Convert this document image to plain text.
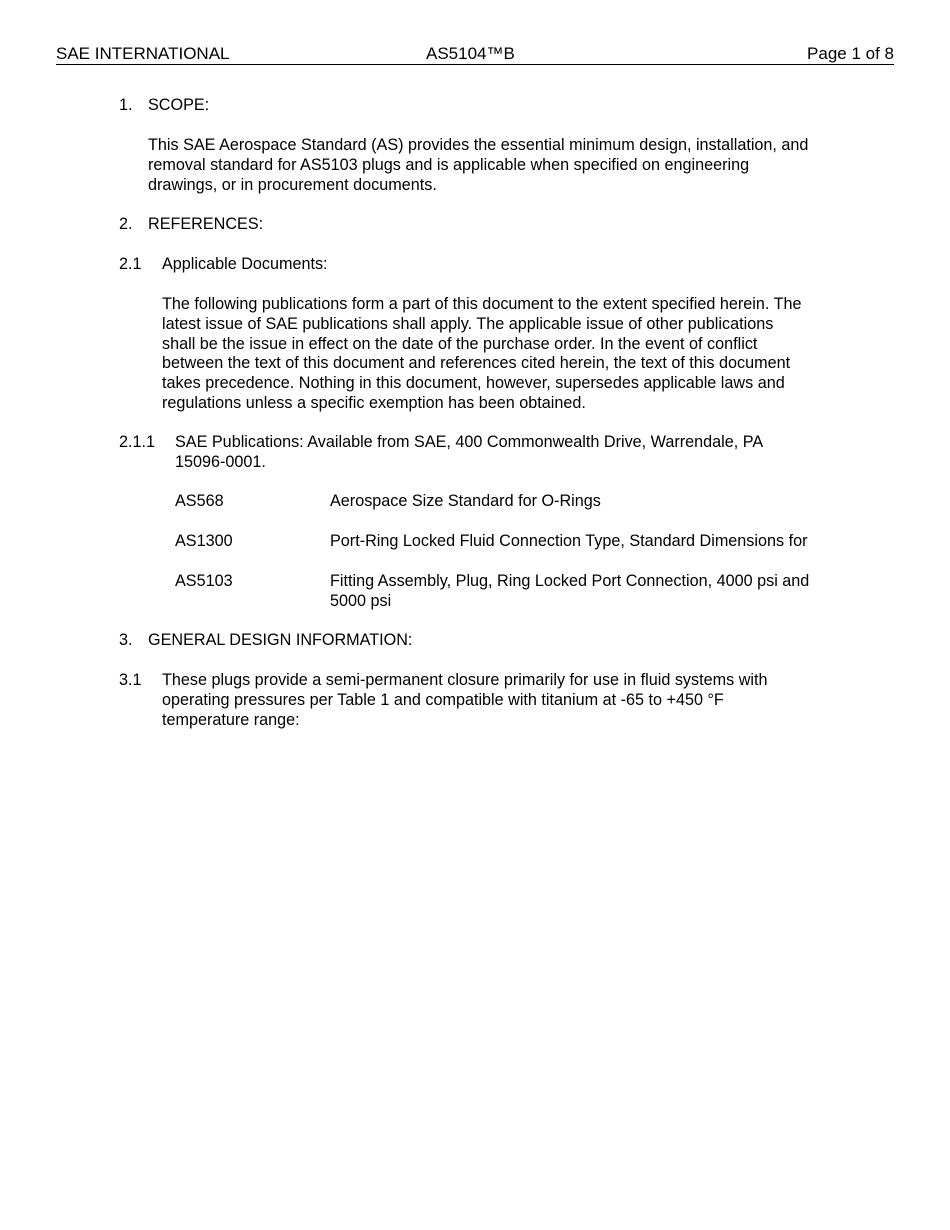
SAE INTERNATIONAL	AS5104™B	Page 1 of 8
1. SCOPE:
This SAE Aerospace Standard (AS) provides the essential minimum design, installation, and
removal standard for AS5103 plugs and is applicable when specified on engineering
drawings, or in procurement documents.
2. REFERENCES:
2.1 Applicable Documents:
The following publications form a part of this document to the extent specified herein. The
latest issue of SAE publications shall apply. The applicable issue of other publications
shall be the issue in effect on the date of the purchase order. In the event of conflict
between the text of this document and references cited herein, the text of this document
takes precedence. Nothing in this document, however, supersedes applicable laws and
regulations unless a specific exemption has been obtained.
2.1.1 SAE Publications: Available from SAE, 400 Commonwealth Drive, Warrendale, PA
15096-0001.
AS568	Aerospace Size Standard for O-Rings
AS1300	Port-Ring Locked Fluid Connection Type, Standard Dimensions for
AS5103	Fitting Assembly, Plug, Ring Locked Port Connection, 4000 psi and
5000 psi
3. GENERAL DESIGN INFORMATION:
3.1 These plugs provide a semi-permanent closure primarily for use in fluid systems with
operating pressures per Table 1 and compatible with titanium at -65 to +450 °F
temperature range:
